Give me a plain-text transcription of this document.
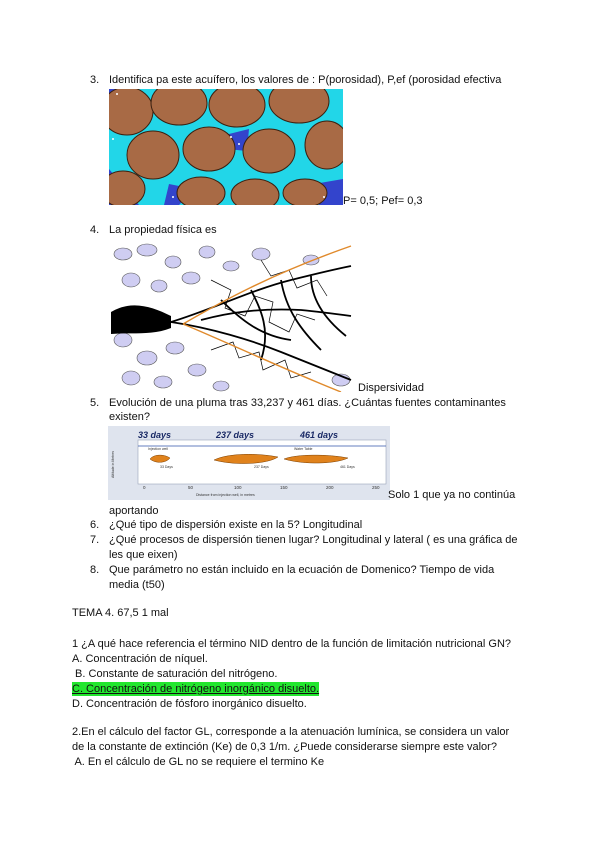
3. Identifica pa este acuífero, los valores de : P(porosidad), P,ef (porosidad efectiva
P= 0,5; Pef= 0,3
4. La propiedad física es
Dispersividad
5. Evolución de una pluma tras 33,237 y 461 días. ¿Cuántas fuentes contaminantes
existen?
33 days	237 days	461 days
Altitude in Metres
Injection well	Water Table
33 Days	237 Days	461 Days
0	50	100	150	200	250
Distance from injection well, in metres	Solo 1 que ya no continúa
aportando
6. ¿Qué tipo de dispersión existe en la 5? Longitudinal
7. ¿Qué procesos de dispersión tienen lugar? Longitudinal y lateral ( es una gráfica de
les que eixen)
8. Que parámetro no están incluido en la ecuación de Domenico? Tiempo de vida
media (t50)
TEMA 4. 67,5 1 mal
1 ¿A qué hace referencia el término NID dentro de la función de limitación nutricional GN?
A. Concentración de níquel.
B. Constante de saturación del nitrógeno.
C. Concentración de nitrógeno inorgánico disuelto.
D. Concentración de fósforo inorgánico disuelto.
2.En el cálculo del factor GL, corresponde a la atenuación lumínica, se considera un valor
de la constante de extinción (Ke) de 0,3 1/m. ¿Puede considerarse siempre este valor?
A. En el cálculo de GL no se requiere el termino Ke
